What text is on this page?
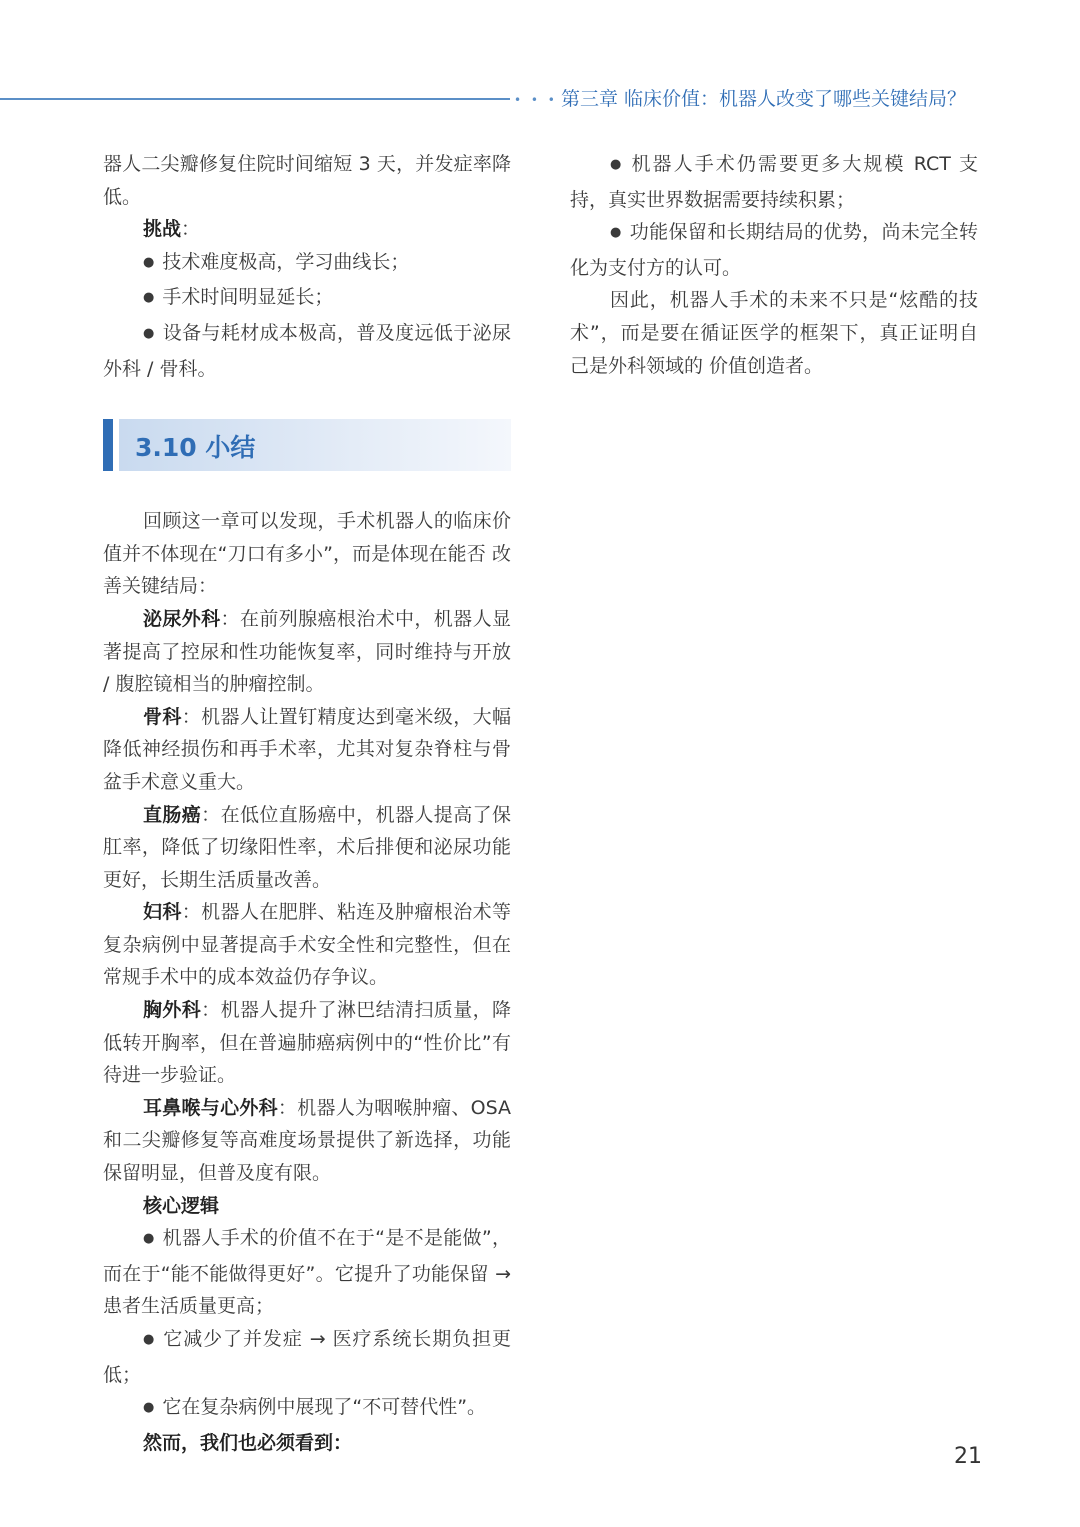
• • • 第三章 临床价值：机器人改变了哪些关键结局？

器人二尖瓣修复住院时间缩短 3 天，并发症率降低。

挑战：

● 技术难度极高，学习曲线长；

● 手术时间明显延长；

● 设备与耗材成本极高，普及度远低于泌尿外科 / 骨科。

3.10 小结

回顾这一章可以发现，手术机器人的临床价值并不体现在“刀口有多小”，而是体现在能否 改善关键结局：

泌尿外科：在前列腺癌根治术中，机器人显著提高了控尿和性功能恢复率，同时维持与开放 / 腹腔镜相当的肿瘤控制。

骨科：机器人让置钉精度达到毫米级，大幅降低神经损伤和再手术率，尤其对复杂脊柱与骨盆手术意义重大。

直肠癌：在低位直肠癌中，机器人提高了保肛率，降低了切缘阳性率，术后排便和泌尿功能更好，长期生活质量改善。

妇科：机器人在肥胖、粘连及肿瘤根治术等复杂病例中显著提高手术安全性和完整性，但在常规手术中的成本效益仍存争议。

胸外科：机器人提升了淋巴结清扫质量，降低转开胸率，但在普遍肺癌病例中的“性价比”有待进一步验证。

耳鼻喉与心外科：机器人为咽喉肿瘤、OSA 和二尖瓣修复等高难度场景提供了新选择，功能保留明显，但普及度有限。

核心逻辑

● 机器人手术的价值不在于“是不是能做”，而在于“能不能做得更好”。它提升了功能保留 → 患者生活质量更高；

● 它减少了并发症 → 医疗系统长期负担更低；

● 它在复杂病例中展现了“不可替代性”。

然而，我们也必须看到：

● 机器人手术仍需要更多大规模 RCT 支持，真实世界数据需要持续积累；

● 功能保留和长期结局的优势，尚未完全转化为支付方的认可。

因此，机器人手术的未来不只是“炫酷的技术”，而是要在循证医学的框架下，真正证明自己是外科领域的 价值创造者。

21
